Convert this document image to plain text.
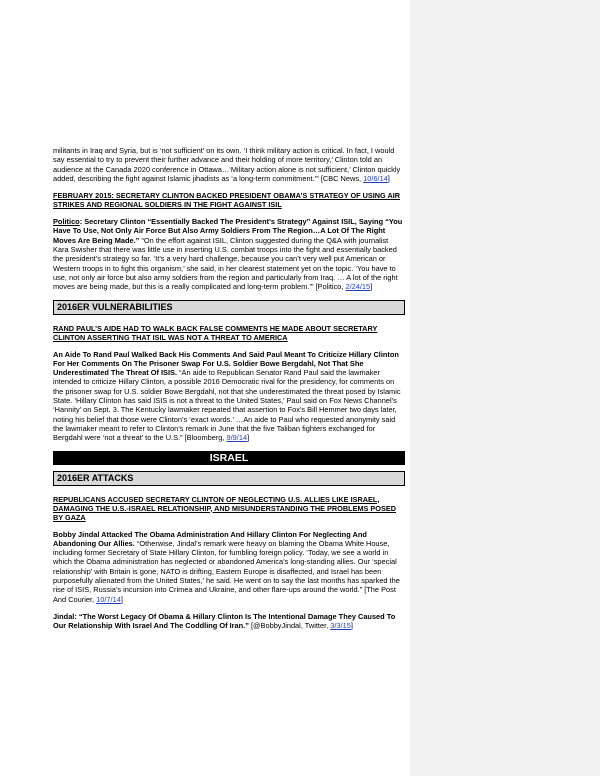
militants in Iraq and Syria, but is ‘not sufficient’ on its own. ‘I think military action is critical. In fact, I would say essential to try to prevent their further advance and their holding of more territory,’ Clinton told an audience at the Canada 2020 conference in Ottawa…‘Military action alone is not sufficient,’ Clinton quickly added, describing the fight against Islamic jihadists as ‘a long-term commitment.’” [CBC News, 10/6/14]

FEBRUARY 2015: SECRETARY CLINTON BACKED PRESIDENT OBAMA’S STRATEGY OF USING AIR STRIKES AND REGIONAL SOLDIERS IN THE FIGHT AGAINST ISIL

Politico: Secretary Clinton “Essentially Backed The President’s Strategy” Against ISIL, Saying “You Have To Use, Not Only Air Force But Also Army Soldiers From The Region…A Lot Of The Right Moves Are Being Made.” “On the effort against ISIL, Clinton suggested during the Q&A with journalist Kara Swisher that there was little use in inserting U.S. combat troops into the fight and essentially backed the president’s strategy so far. ‘It’s a very hard challenge, because you can’t very well put American or Western troops in to fight this organism,’ she said, in her clearest statement yet on the topic. ‘You have to use, not only air force but also army soldiers from the region and particularly from Iraq. … A lot of the right moves are being made, but this is a really complicated and long-term problem.’” [Politico, 2/24/15]

2016ER VULNERABILITIES

RAND PAUL’S AIDE HAD TO WALK BACK FALSE COMMENTS HE MADE ABOUT SECRETARY CLINTON ASSERTING THAT ISIL WAS NOT A THREAT TO AMERICA

An Aide To Rand Paul Walked Back His Comments And Said Paul Meant To Criticize Hillary Clinton For Her Comments On The Prisoner Swap For U.S. Soldier Bowe Bergdahl, Not That She Underestimated The Threat Of ISIS. “An aide to Republican Senator Rand Paul said the lawmaker intended to criticize Hillary Clinton, a possible 2016 Democratic rival for the presidency, for comments on the prisoner swap for U.S. soldier Bowe Bergdahl, not that she underestimated the threat posed by Islamic State. ‘Hillary Clinton has said ISIS is not a threat to the United States,’ Paul said on Fox News Channel’s ‘Hannity’ on Sept. 3. The Kentucky lawmaker repeated that assertion to Fox’s Bill Hemmer two days later, noting his belief that those were Clinton’s ‘exact words.’ …An aide to Paul who requested anonymity said the lawmaker meant to refer to Clinton’s remark in June that the five Taliban fighters exchanged for Bergdahl were ‘not a threat’ to the U.S.” [Bloomberg, 9/9/14]

ISRAEL
2016ER ATTACKS

REPUBLICANS ACCUSED SECRETARY CLINTON OF NEGLECTING U.S. ALLIES LIKE ISRAEL, DAMAGING THE U.S.-ISRAEL RELATIONSHIP, AND MISUNDERSTANDING THE PROBLEMS POSED BY GAZA

Bobby Jindal Attacked The Obama Administration And Hillary Clinton For Neglecting And Abandoning Our Allies. “Otherwise, Jindal’s remark were heavy on blaming the Obama White House, including former Secretary of State Hillary Clinton, for fumbling foreign policy. ‘Today, we see a world in which the Obama administration has neglected or abandoned America’s long-standing allies. Our ‘special relationship’ with Britain is gone, NATO is drifting, Eastern Europe is disaffected, and Israel has been purposefully alienated from the United States,’ he said. He went on to say the last months has sparked the rise of ISIS, Russia’s incursion into Crimea and Ukraine, and other flare-ups around the world.” [The Post And Courier, 10/7/14]

Jindal: “The Worst Legacy Of Obama & Hillary Clinton Is The Intentional Damage They Caused To Our Relationship With Israel And The Coddling Of Iran.” [@BobbyJindal, Twitter, 3/3/15]
